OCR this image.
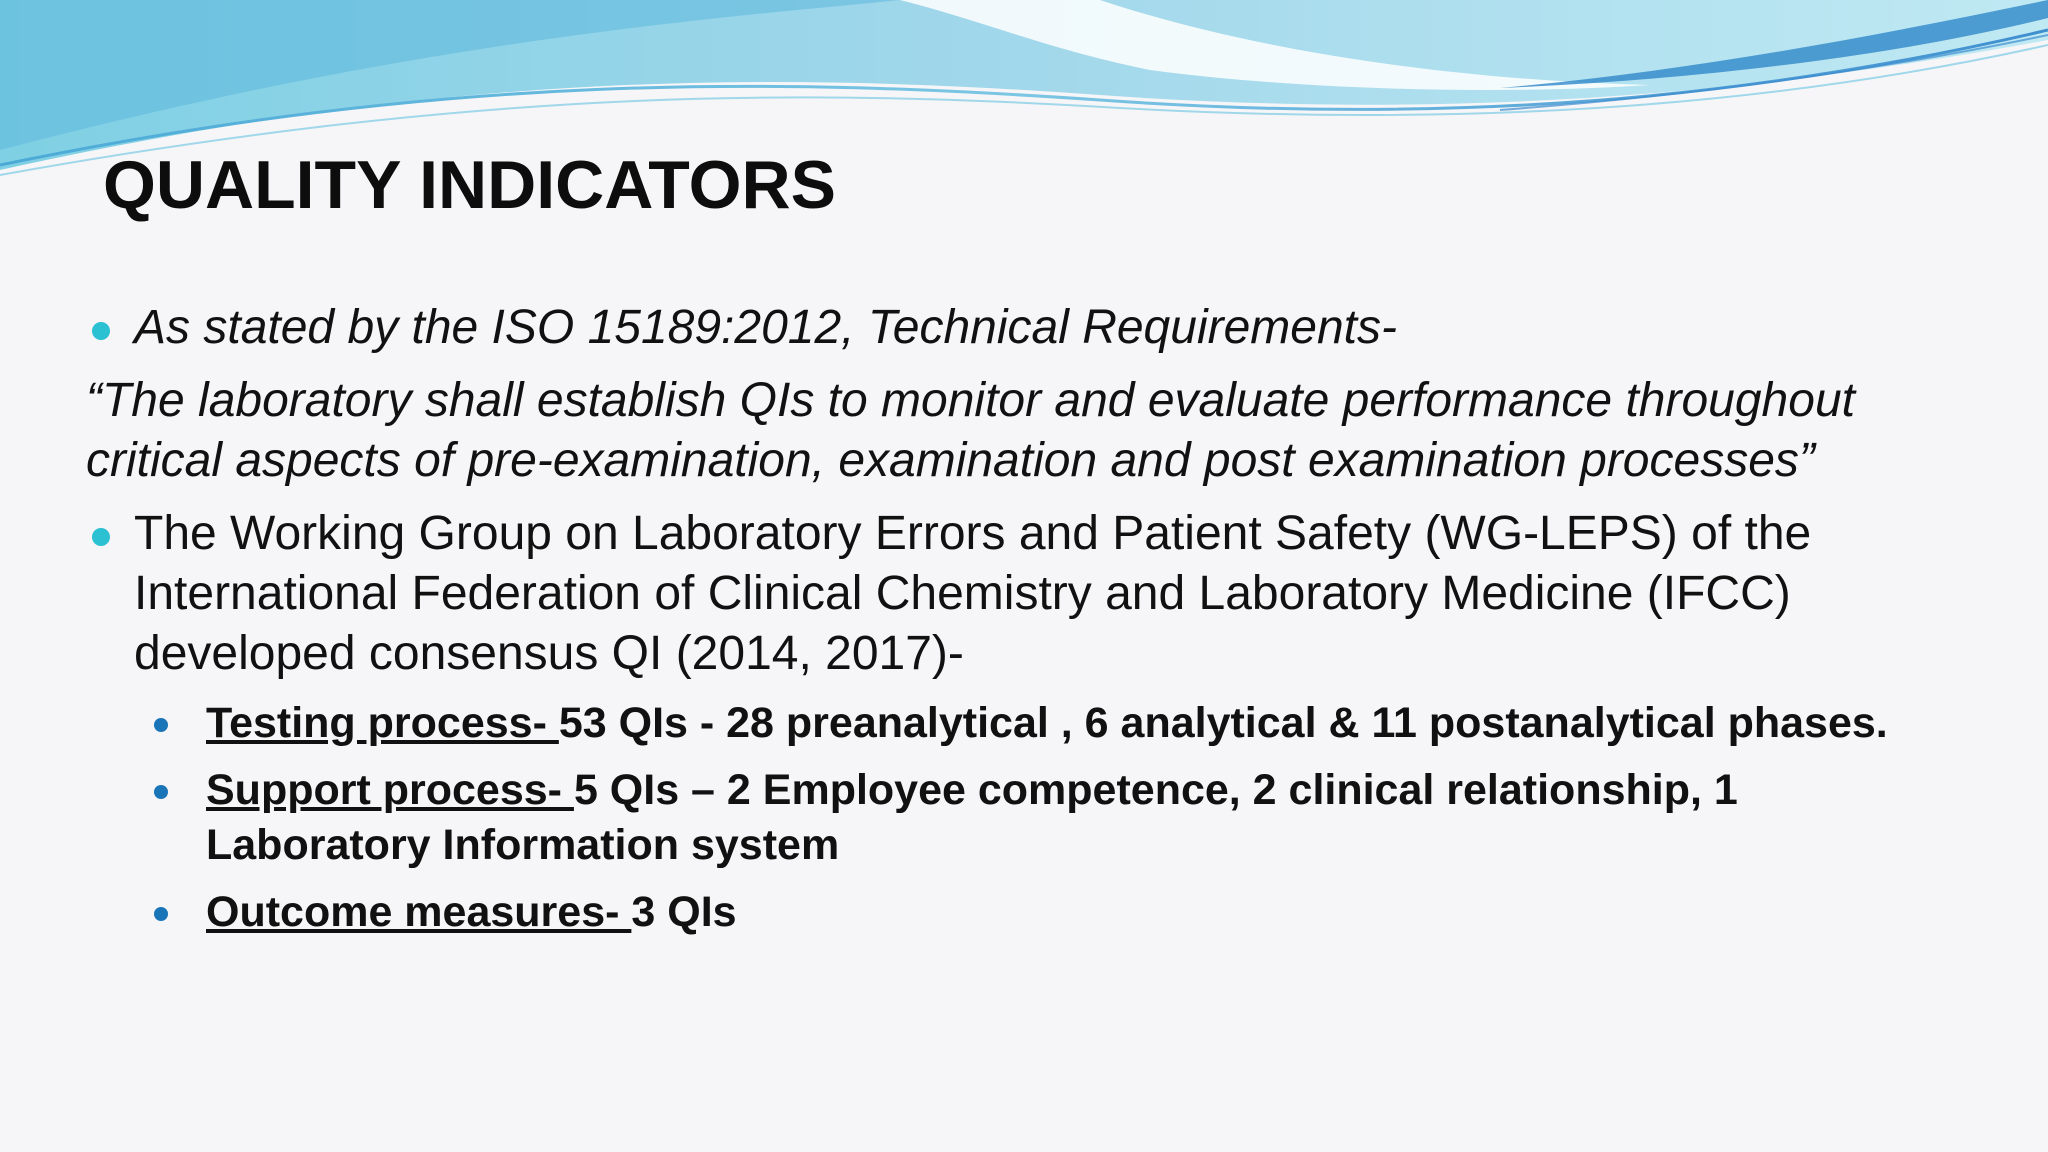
QUALITY INDICATORS

As stated by the ISO 15189:2012, Technical Requirements-

“The laboratory shall establish QIs to monitor and evaluate performance throughout critical aspects of pre-examination, examination and post examination processes”

The Working Group on Laboratory Errors and Patient Safety (WG-LEPS) of the International Federation of Clinical Chemistry and Laboratory Medicine (IFCC) developed consensus QI (2014, 2017)-

Testing process- 53 QIs - 28 preanalytical , 6 analytical & 11 postanalytical phases.

Support process- 5 QIs – 2 Employee competence, 2 clinical relationship, 1 Laboratory Information system

Outcome measures- 3 QIs
